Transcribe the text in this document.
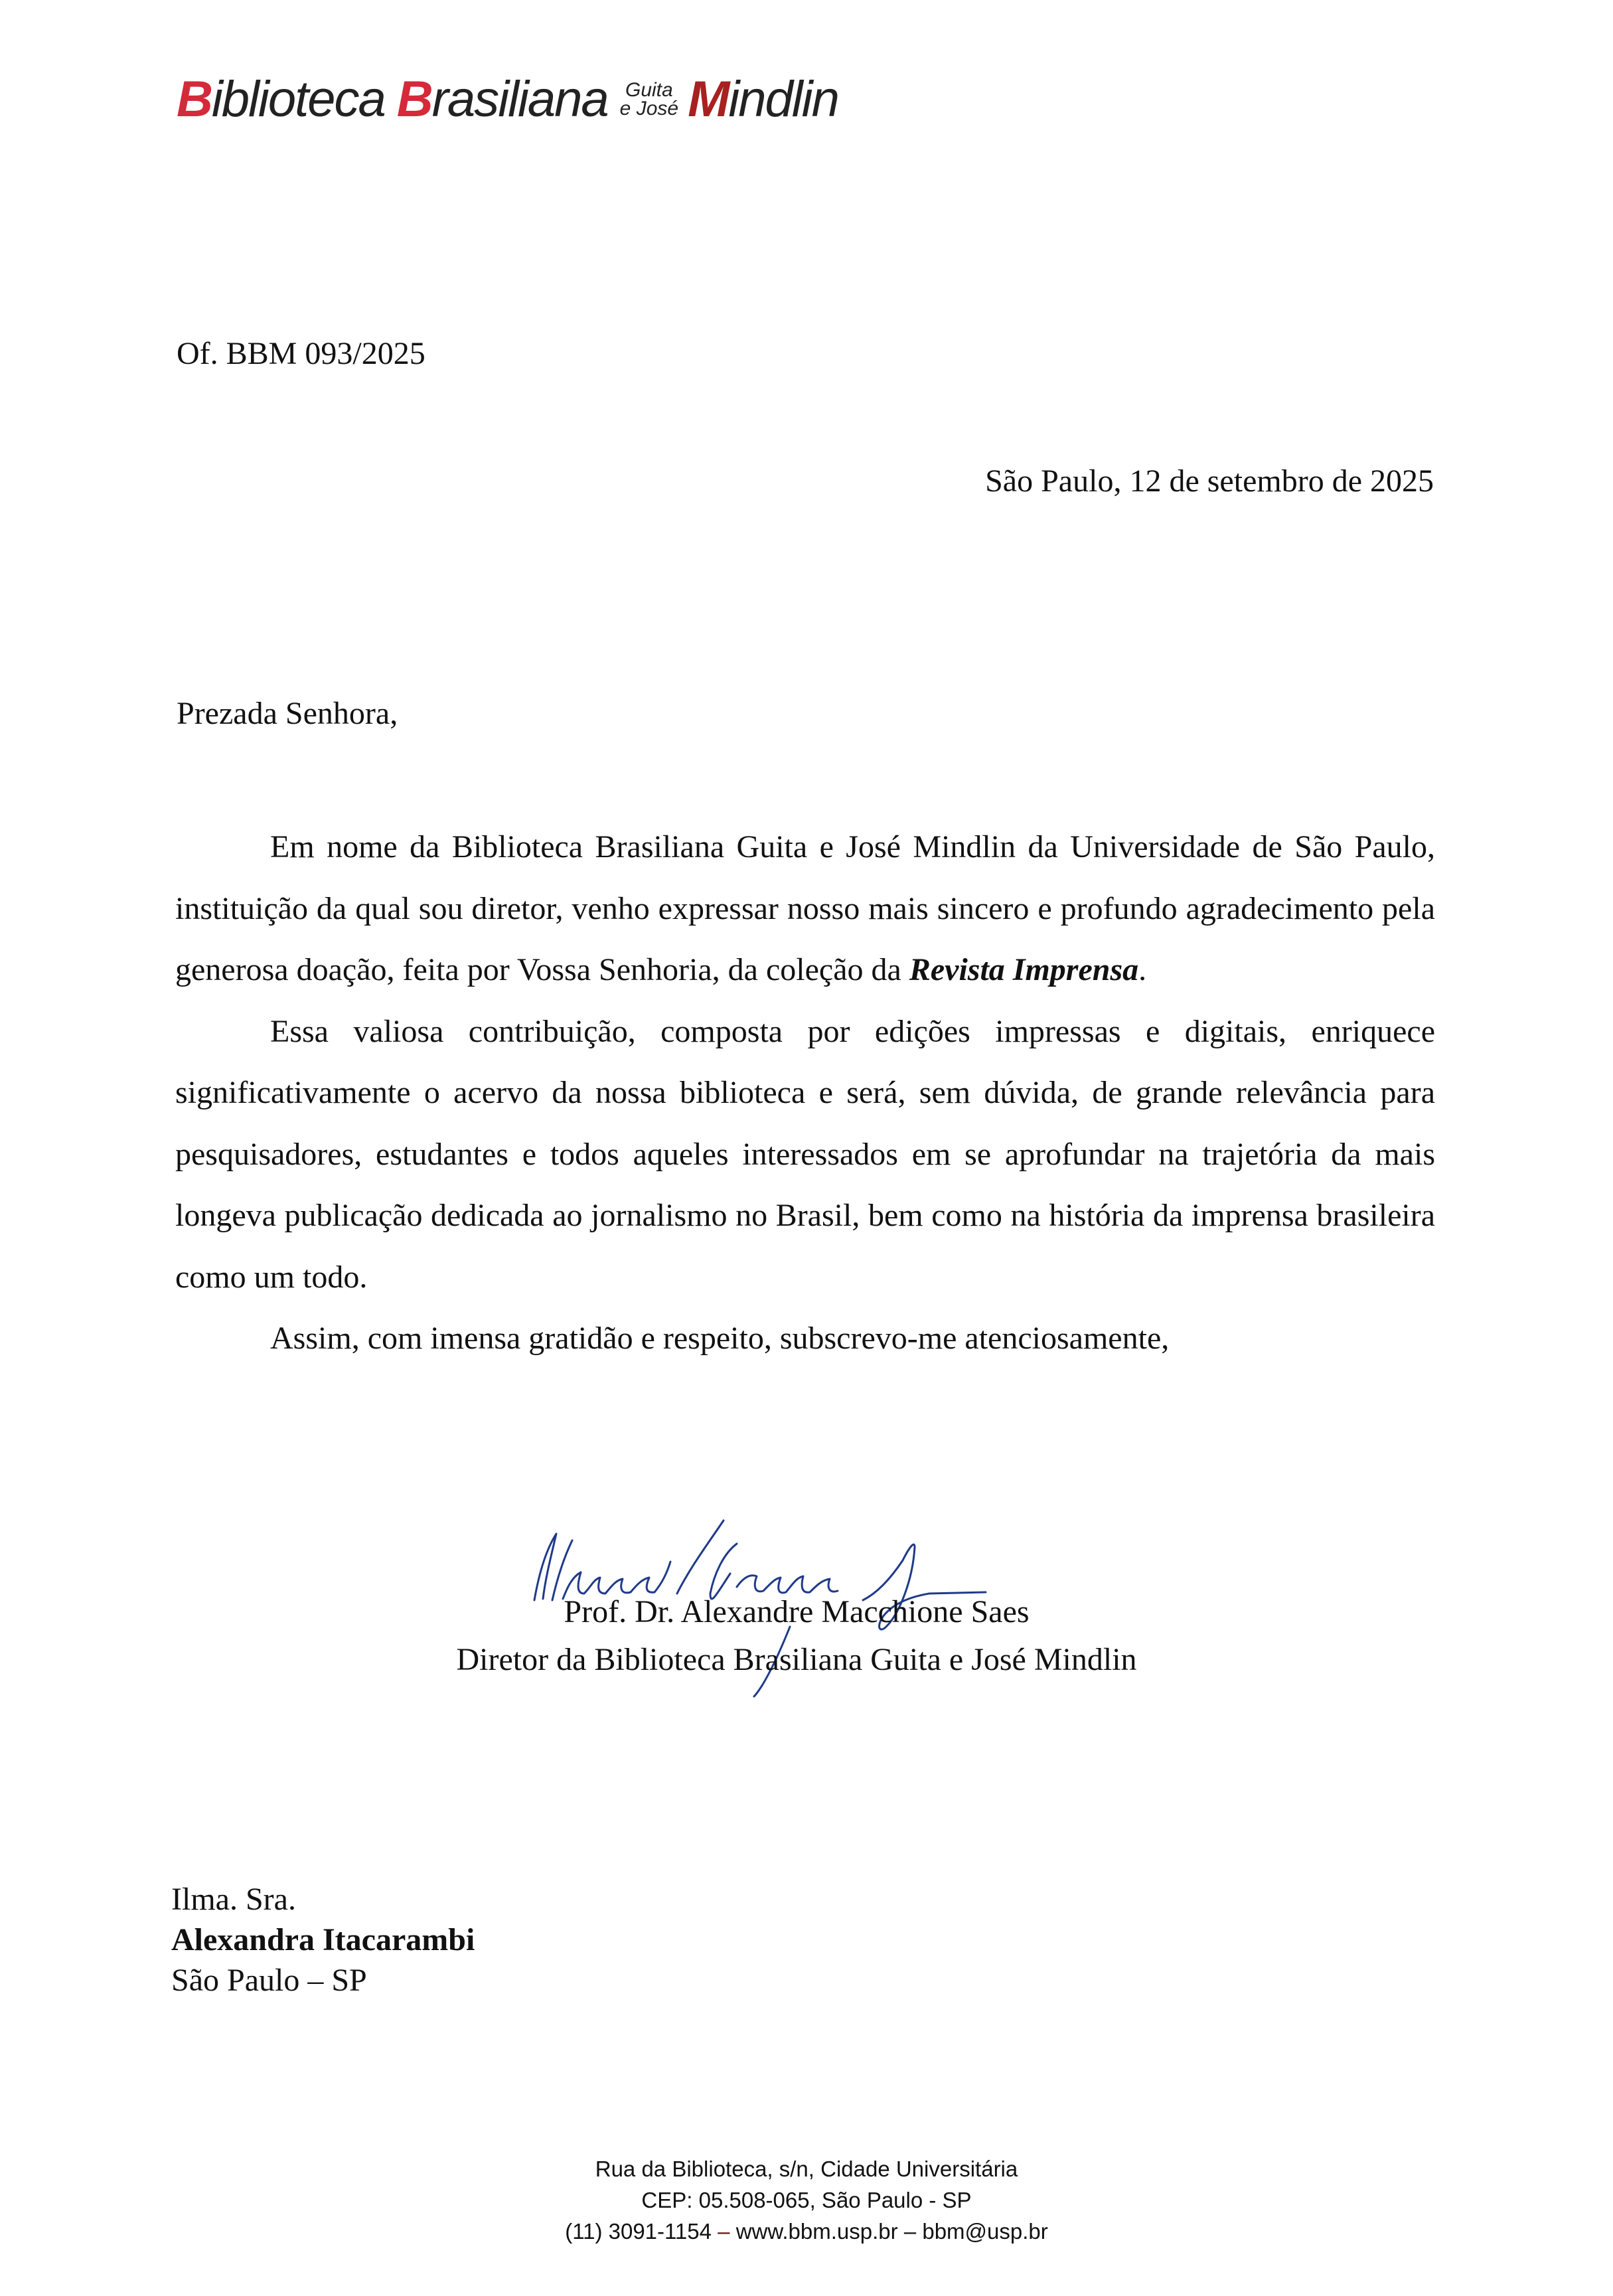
Biblioteca Brasiliana Guita
e José Mindlin
Of. BBM 093/2025
São Paulo, 12 de setembro de 2025
Prezada Senhora,

Em nome da Biblioteca Brasiliana Guita e José Mindlin da Universidade de São Paulo, instituição da qual sou diretor, venho expressar nosso mais sincero e profundo agradecimento pela generosa doação, feita por Vossa Senhoria, da coleção da Revista Imprensa.

Essa valiosa contribuição, composta por edições impressas e digitais, enriquece significativamente o acervo da nossa biblioteca e será, sem dúvida, de grande relevância para pesquisadores, estudantes e todos aqueles interessados em se aprofundar na trajetória da mais longeva publicação dedicada ao jornalismo no Brasil, bem como na história da imprensa brasileira como um todo.

Assim, com imensa gratidão e respeito, subscrevo-me atenciosamente,

Prof. Dr. Alexandre Macchione Saes
Diretor da Biblioteca Brasiliana Guita e José Mindlin
Ilma. Sra.
Alexandra Itacarambi
São Paulo – SP
Rua da Biblioteca, s/n, Cidade Universitária
CEP: 05.508-065, São Paulo - SP
(11) 3091-1154 – www.bbm.usp.br – bbm@usp.br
